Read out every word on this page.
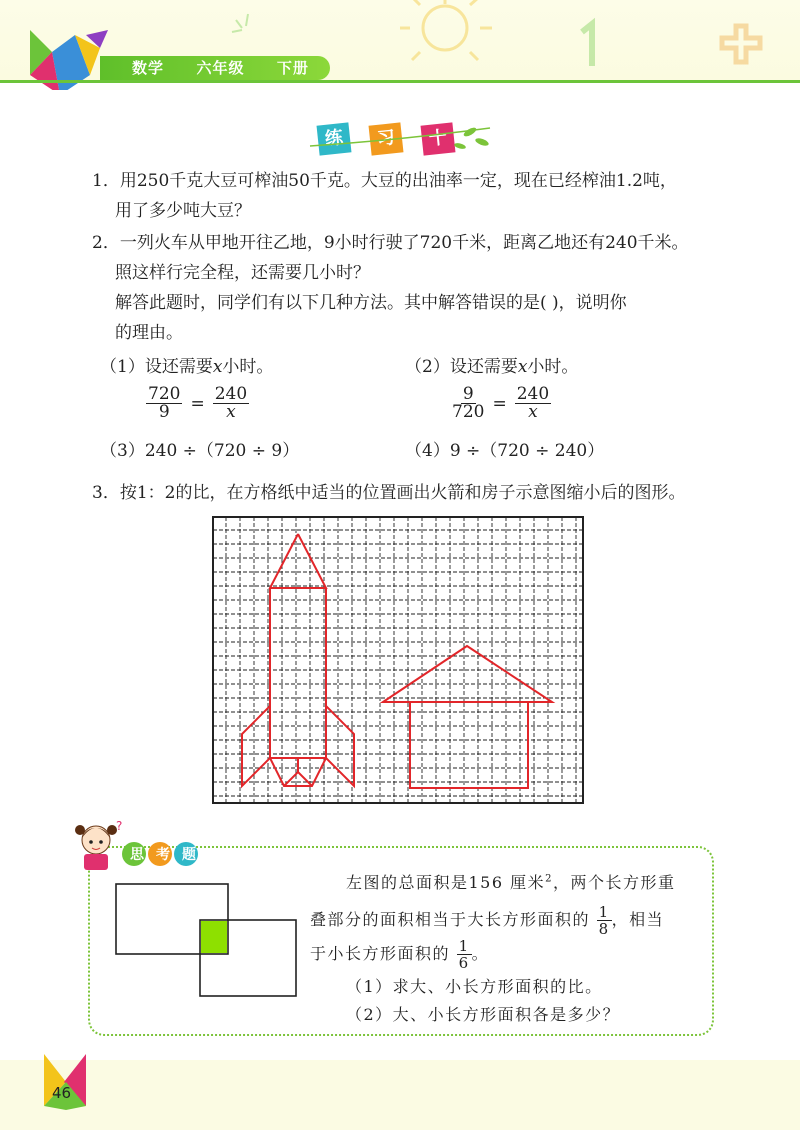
数学  六年级  下册
练	习	十
1．用250千克大豆可榨油50千克。大豆的出油率一定，现在已经榨油1.2吨，
用了多少吨大豆？
2．一列火车从甲地开往乙地，9小时行驶了720千米，距离乙地还有240千米。
照这样行完全程，还需要几小时？
解答此题时，同学们有以下几种方法。其中解答错误的是( )，说明你
的理由。
（1）设还需要x小时。
$\frac{720}{9} = \frac{240}{x}$
（2）设还需要x小时。
$\frac{9}{720} = \frac{240}{x}$
（3）240 ÷（720 ÷ 9）	（4）9 ÷（720 ÷ 240）
3．按1：2的比，在方格纸中适当的位置画出火箭和房子示意图缩小后的图形。
?
思考题
左图的总面积是156 厘米$^2$，两个长方形重
叠部分的面积相当于大长方形面积的 $\frac{1}{8}$ ，相当
于小长方形面积的 $\frac{1}{6}$ 。
（1）求大、小长方形面积的比。
（2）大、小长方形面积各是多少？
46
